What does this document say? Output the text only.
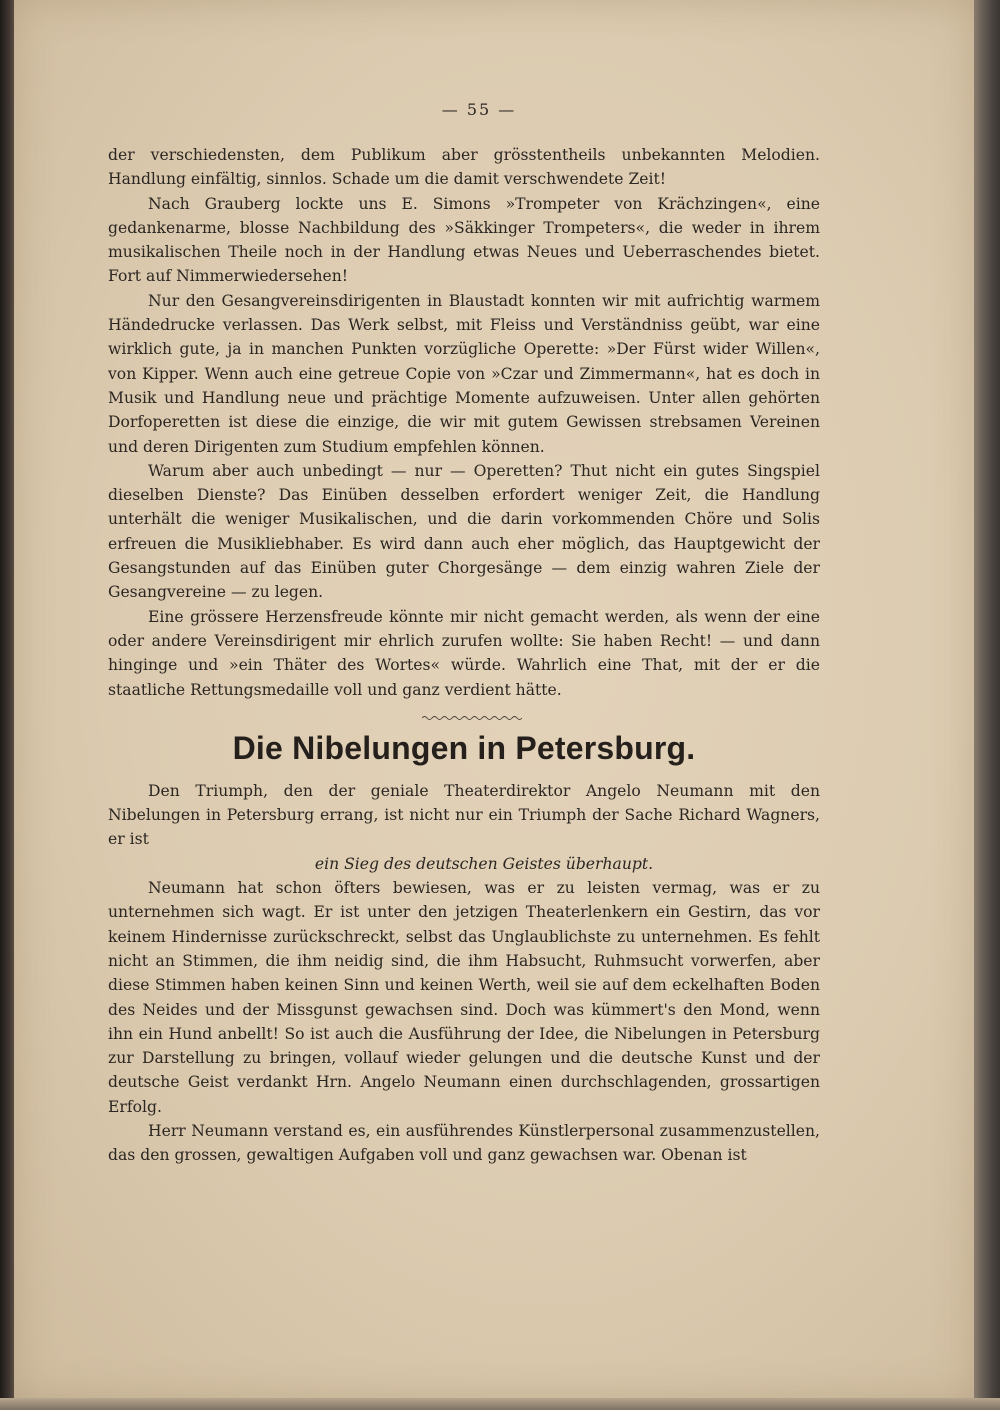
— 55 —

der verschiedensten, dem Publikum aber grösstentheils unbekannten Melodien. Handlung einfältig, sinnlos. Schade um die damit verschwendete Zeit!

Nach Grauberg lockte uns E. Simons »Trompeter von Krächzingen«, eine gedankenarme, blosse Nachbildung des »Säkkinger Trompeters«, die weder in ihrem musikalischen Theile noch in der Handlung etwas Neues und Ueberraschendes bietet. Fort auf Nimmerwiedersehen!

Nur den Gesangvereinsdirigenten in Blaustadt konnten wir mit aufrichtig warmem Händedrucke verlassen. Das Werk selbst, mit Fleiss und Verständniss geübt, war eine wirklich gute, ja in manchen Punkten vorzügliche Operette: »Der Fürst wider Willen«, von Kipper. Wenn auch eine getreue Copie von »Czar und Zimmermann«, hat es doch in Musik und Handlung neue und prächtige Momente aufzuweisen. Unter allen gehörten Dorfoperetten ist diese die einzige, die wir mit gutem Gewissen strebsamen Vereinen und deren Dirigenten zum Studium empfehlen können.

Warum aber auch unbedingt — nur — Operetten? Thut nicht ein gutes Singspiel dieselben Dienste? Das Einüben desselben erfordert weniger Zeit, die Handlung unterhält die weniger Musikalischen, und die darin vorkommenden Chöre und Solis erfreuen die Musikliebhaber. Es wird dann auch eher möglich, das Hauptgewicht der Gesangstunden auf das Einüben guter Chorgesänge — dem einzig wahren Ziele der Gesangvereine — zu legen.

Eine grössere Herzensfreude könnte mir nicht gemacht werden, als wenn der eine oder andere Vereinsdirigent mir ehrlich zurufen wollte: Sie haben Recht! — und dann hinginge und »ein Thäter des Wortes« würde. Wahrlich eine That, mit der er die staatliche Rettungsmedaille voll und ganz verdient hätte.

Die Nibelungen in Petersburg.

Den Triumph, den der geniale Theaterdirektor Angelo Neumann mit den Nibelungen in Petersburg errang, ist nicht nur ein Triumph der Sache Richard Wagners, er ist

ein Sieg des deutschen Geistes überhaupt.

Neumann hat schon öfters bewiesen, was er zu leisten vermag, was er zu unternehmen sich wagt. Er ist unter den jetzigen Theaterlenkern ein Gestirn, das vor keinem Hindernisse zurückschreckt, selbst das Unglaublichste zu unternehmen. Es fehlt nicht an Stimmen, die ihm neidig sind, die ihm Habsucht, Ruhmsucht vorwerfen, aber diese Stimmen haben keinen Sinn und keinen Werth, weil sie auf dem eckelhaften Boden des Neides und der Missgunst gewachsen sind. Doch was kümmert's den Mond, wenn ihn ein Hund anbellt! So ist auch die Ausführung der Idee, die Nibelungen in Petersburg zur Darstellung zu bringen, vollauf wieder gelungen und die deutsche Kunst und der deutsche Geist verdankt Hrn. Angelo Neumann einen durchschlagenden, grossartigen Erfolg.

Herr Neumann verstand es, ein ausführendes Künstlerpersonal zusammenzustellen, das den grossen, gewaltigen Aufgaben voll und ganz gewachsen war. Obenan ist
